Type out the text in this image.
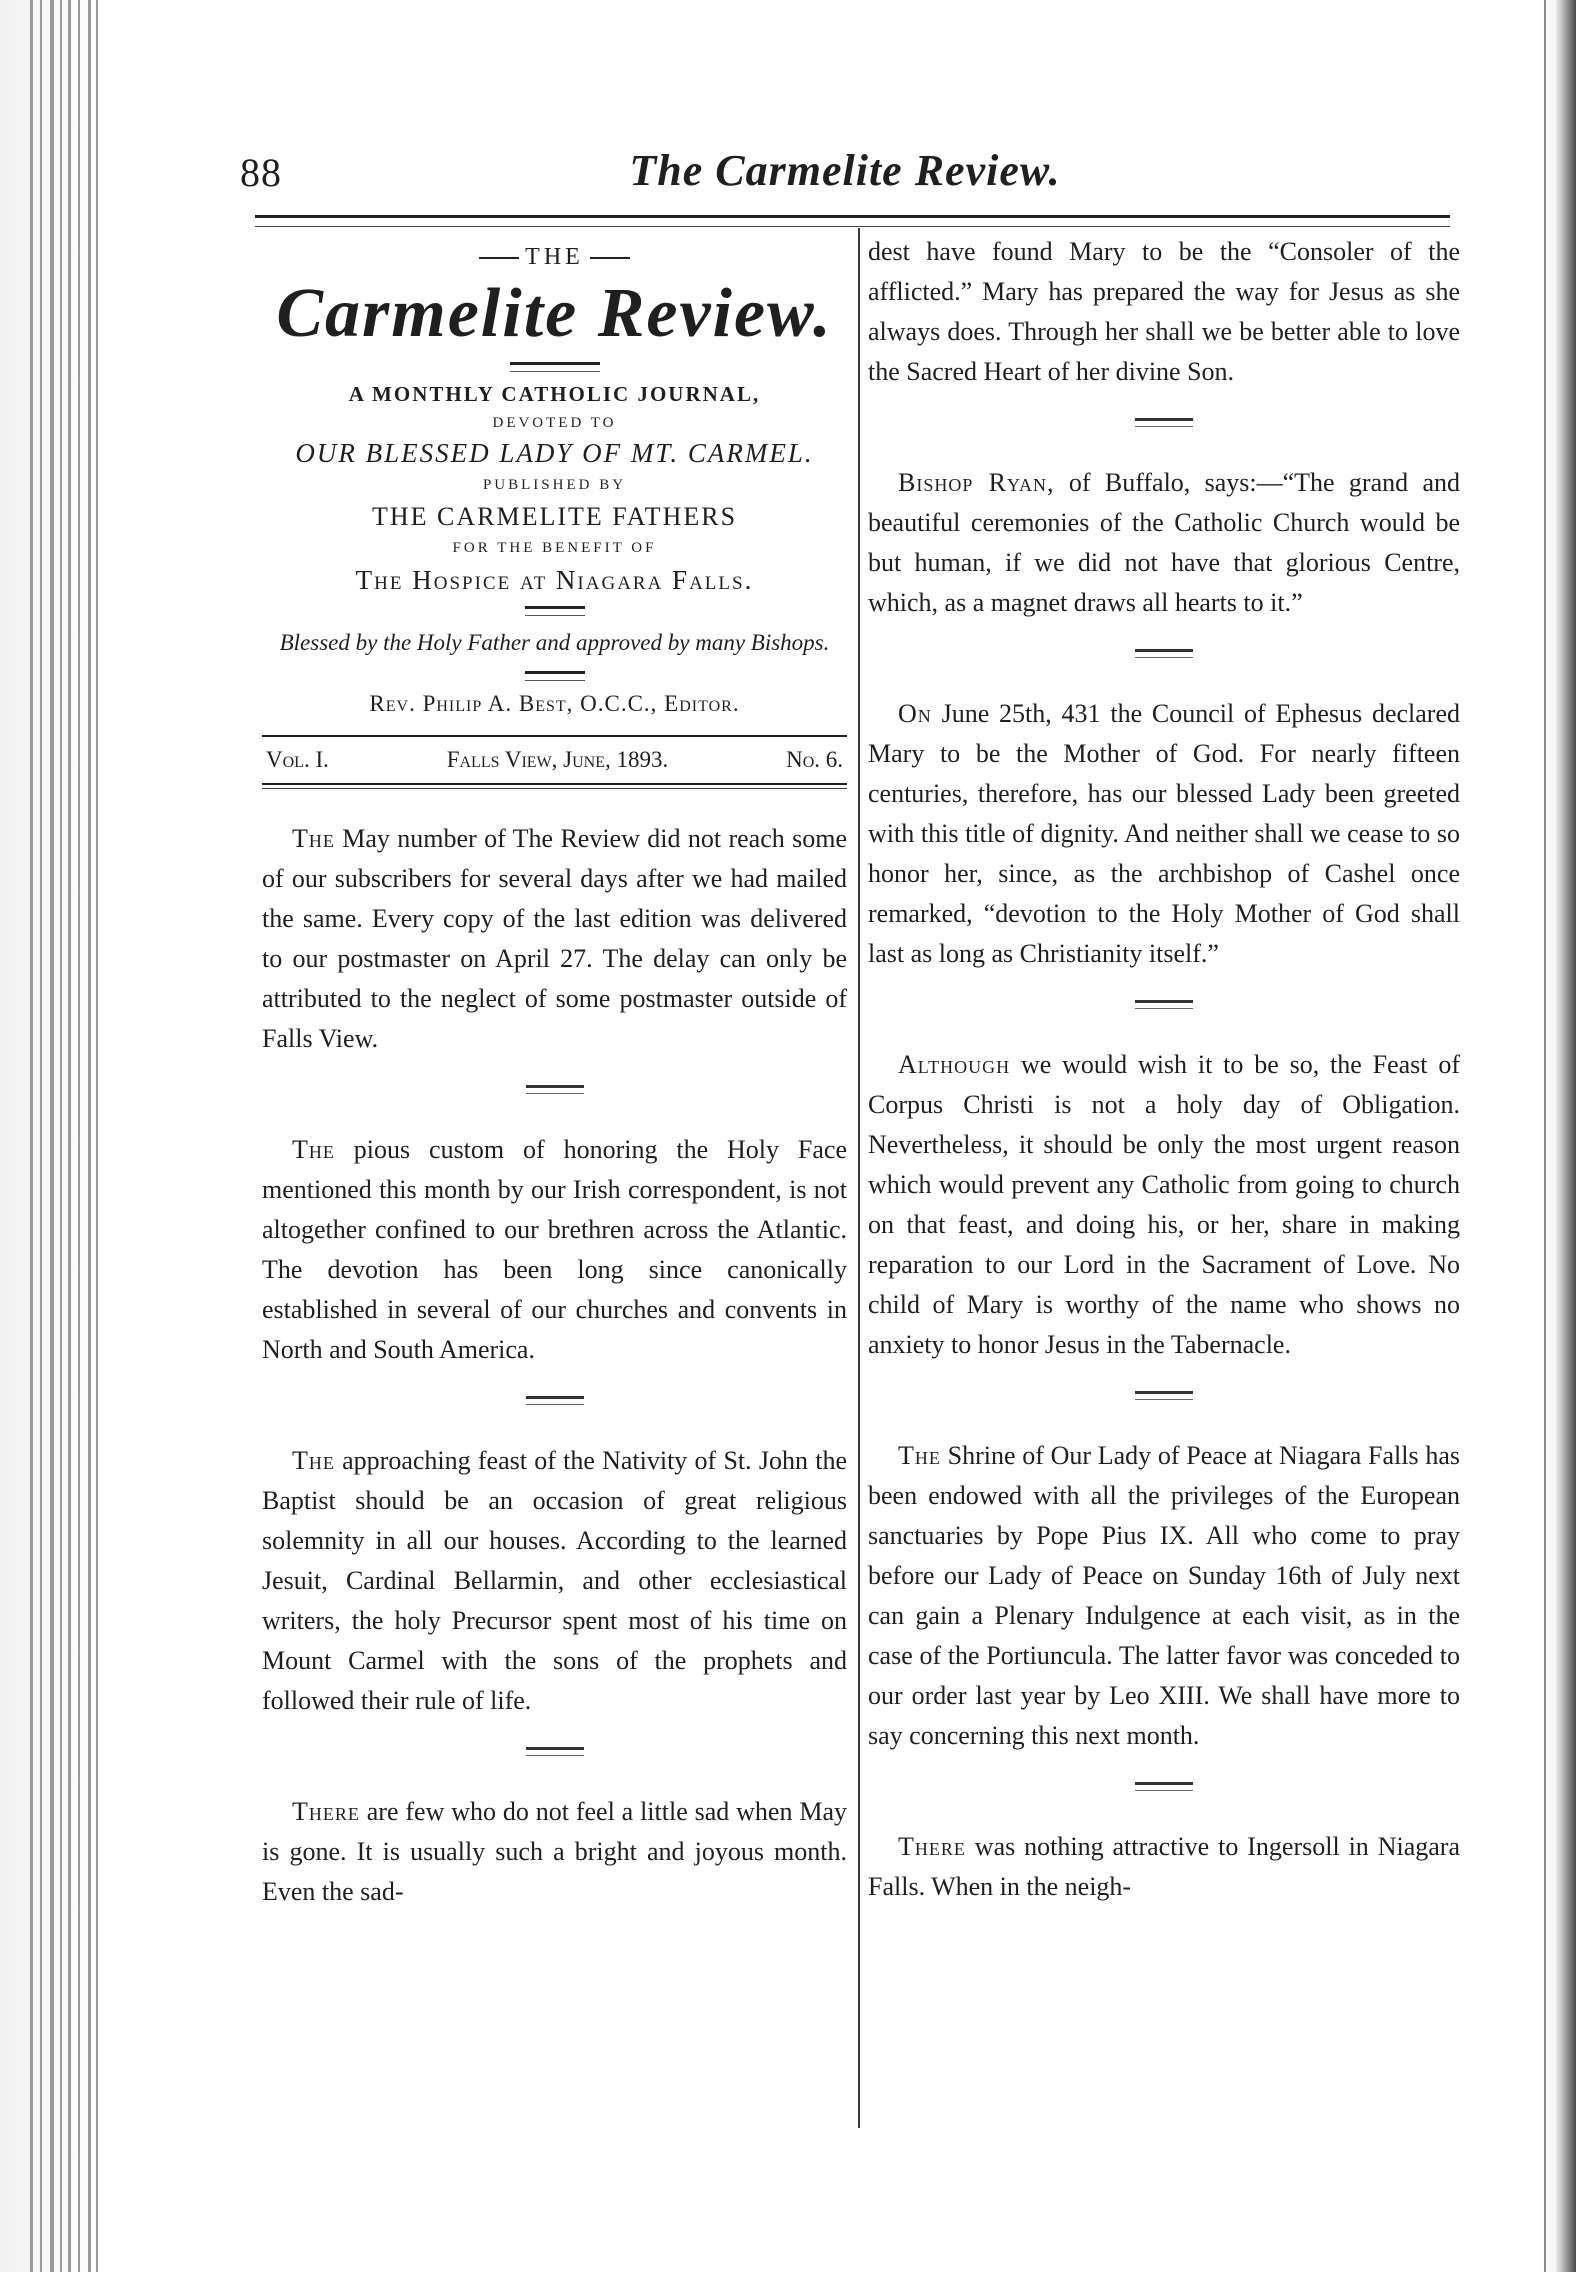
88	The Carmelite Review.
THE
Carmelite Review.
A MONTHLY CATHOLIC JOURNAL,
DEVOTED TO
OUR BLESSED LADY OF MT. CARMEL.
PUBLISHED BY
THE CARMELITE FATHERS
FOR THE BENEFIT OF
The Hospice at Niagara Falls.
Blessed by the Holy Father and approved by many Bishops.
Rev. Philip A. Best, O.C.C., Editor.
Vol. I.	Falls View, June, 1893.	No. 6.

The May number of The Review did not reach some of our subscribers for several days after we had mailed the same. Every copy of the last edition was delivered to our postmaster on April 27. The delay can only be attributed to the neglect of some postmaster outside of Falls View.

The pious custom of honoring the Holy Face mentioned this month by our Irish correspondent, is not altogether confined to our brethren across the Atlantic. The devotion has been long since canonically established in several of our churches and convents in North and South America.

The approaching feast of the Nativity of St. John the Baptist should be an occasion of great religious solemnity in all our houses. According to the learned Jesuit, Cardinal Bellarmin, and other ecclesiastical writers, the holy Precursor spent most of his time on Mount Carmel with the sons of the prophets and followed their rule of life.

There are few who do not feel a little sad when May is gone. It is usually such a bright and joyous month. Even the sad-

dest have found Mary to be the “Consoler of the afflicted.” Mary has prepared the way for Jesus as she always does. Through her shall we be better able to love the Sacred Heart of her divine Son.

Bishop Ryan, of Buffalo, says:—“The grand and beautiful ceremonies of the Catholic Church would be but human, if we did not have that glorious Centre, which, as a magnet draws all hearts to it.”

On June 25th, 431 the Council of Ephesus declared Mary to be the Mother of God. For nearly fifteen centuries, therefore, has our blessed Lady been greeted with this title of dignity. And neither shall we cease to so honor her, since, as the archbishop of Cashel once remarked, “devotion to the Holy Mother of God shall last as long as Christianity itself.”

Although we would wish it to be so, the Feast of Corpus Christi is not a holy day of Obligation. Nevertheless, it should be only the most urgent reason which would prevent any Catholic from going to church on that feast, and doing his, or her, share in making reparation to our Lord in the Sacrament of Love. No child of Mary is worthy of the name who shows no anxiety to honor Jesus in the Tabernacle.

The Shrine of Our Lady of Peace at Niagara Falls has been endowed with all the privileges of the European sanctuaries by Pope Pius IX. All who come to pray before our Lady of Peace on Sunday 16th of July next can gain a Plenary Indulgence at each visit, as in the case of the Portiuncula. The latter favor was conceded to our order last year by Leo XIII. We shall have more to say concerning this next month.

There was nothing attractive to Ingersoll in Niagara Falls. When in the neigh-
